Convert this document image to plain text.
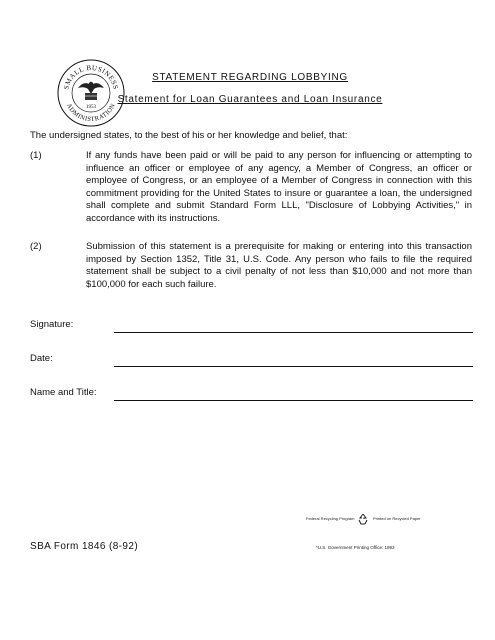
SMALL BUSINESS
ADMINISTRATION
1953
STATEMENT REGARDING LOBBYING
Statement for Loan Guarantees and Loan Insurance
The undersigned states, to the best of his or her knowledge and belief, that:
(1)	If any funds have been paid or will be paid to any person for influencing or attempting to influence an officer or employee of any agency, a Member of Congress, an officer or employee of Congress, or an employee of a Member of Congress in connection with this commitment providing for the United States to insure or guarantee a loan, the undersigned shall complete and submit Standard Form LLL, "Disclosure of Lobbying Activities," in accordance with its instructions.
(2)	Submission of this statement is a prerequisite for making or entering into this transaction imposed by Section 1352, Title 31, U.S. Code. Any person who fails to file the required statement shall be subject to a civil penalty of not less than $10,000 and not more than $100,000 for each such failure.
Signature:
Date:
Name and Title:
Federal Recycling Program	Printed on Recycled Paper
SBA Form 1846 (8-92)	*U.S. Government Printing Office: 1993
